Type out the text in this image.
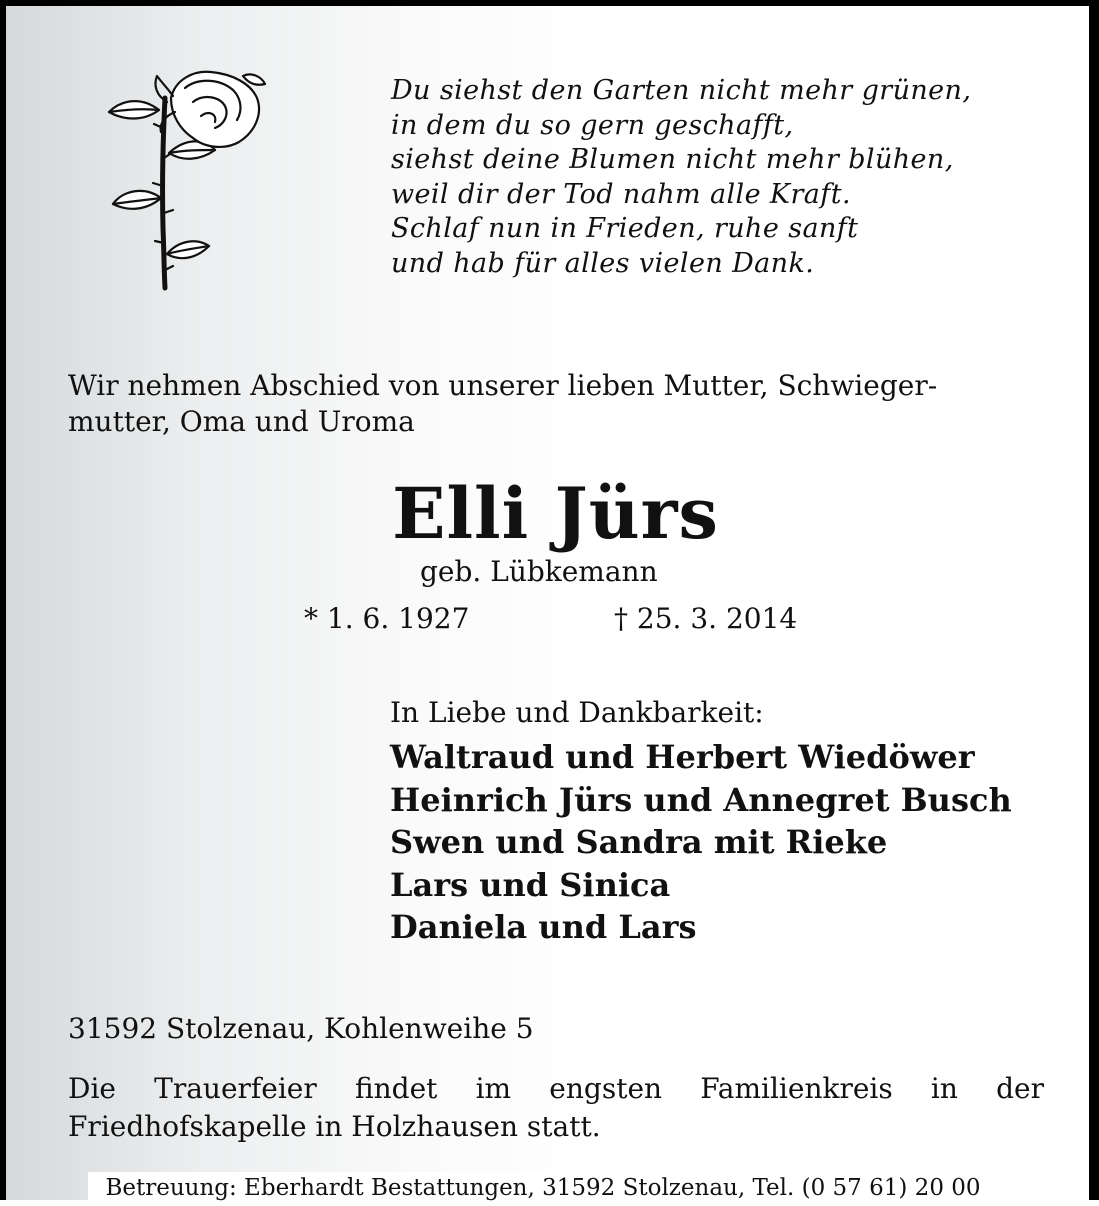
Du siehst den Garten nicht mehr grünen,
in dem du so gern geschafft,
siehst deine Blumen nicht mehr blühen,
weil dir der Tod nahm alle Kraft.
Schlaf nun in Frieden, ruhe sanft
und hab für alles vielen Dank.
Wir nehmen Abschied von unserer lieben Mutter, Schwieger-
mutter, Oma und Uroma
Elli Jürs
geb. Lübkemann
* 1. 6. 1927	† 25. 3. 2014
In Liebe und Dankbarkeit:
Waltraud und Herbert Wiedöwer
Heinrich Jürs und Annegret Busch
Swen und Sandra mit Rieke
Lars und Sinica
Daniela und Lars
31592 Stolzenau, Kohlenweihe 5
Die Trauerfeier findet im engsten Familienkreis in der
Friedhofskapelle in Holzhausen statt.
Betreuung: Eberhardt Bestattungen, 31592 Stolzenau, Tel. (0 57 61) 20 00
